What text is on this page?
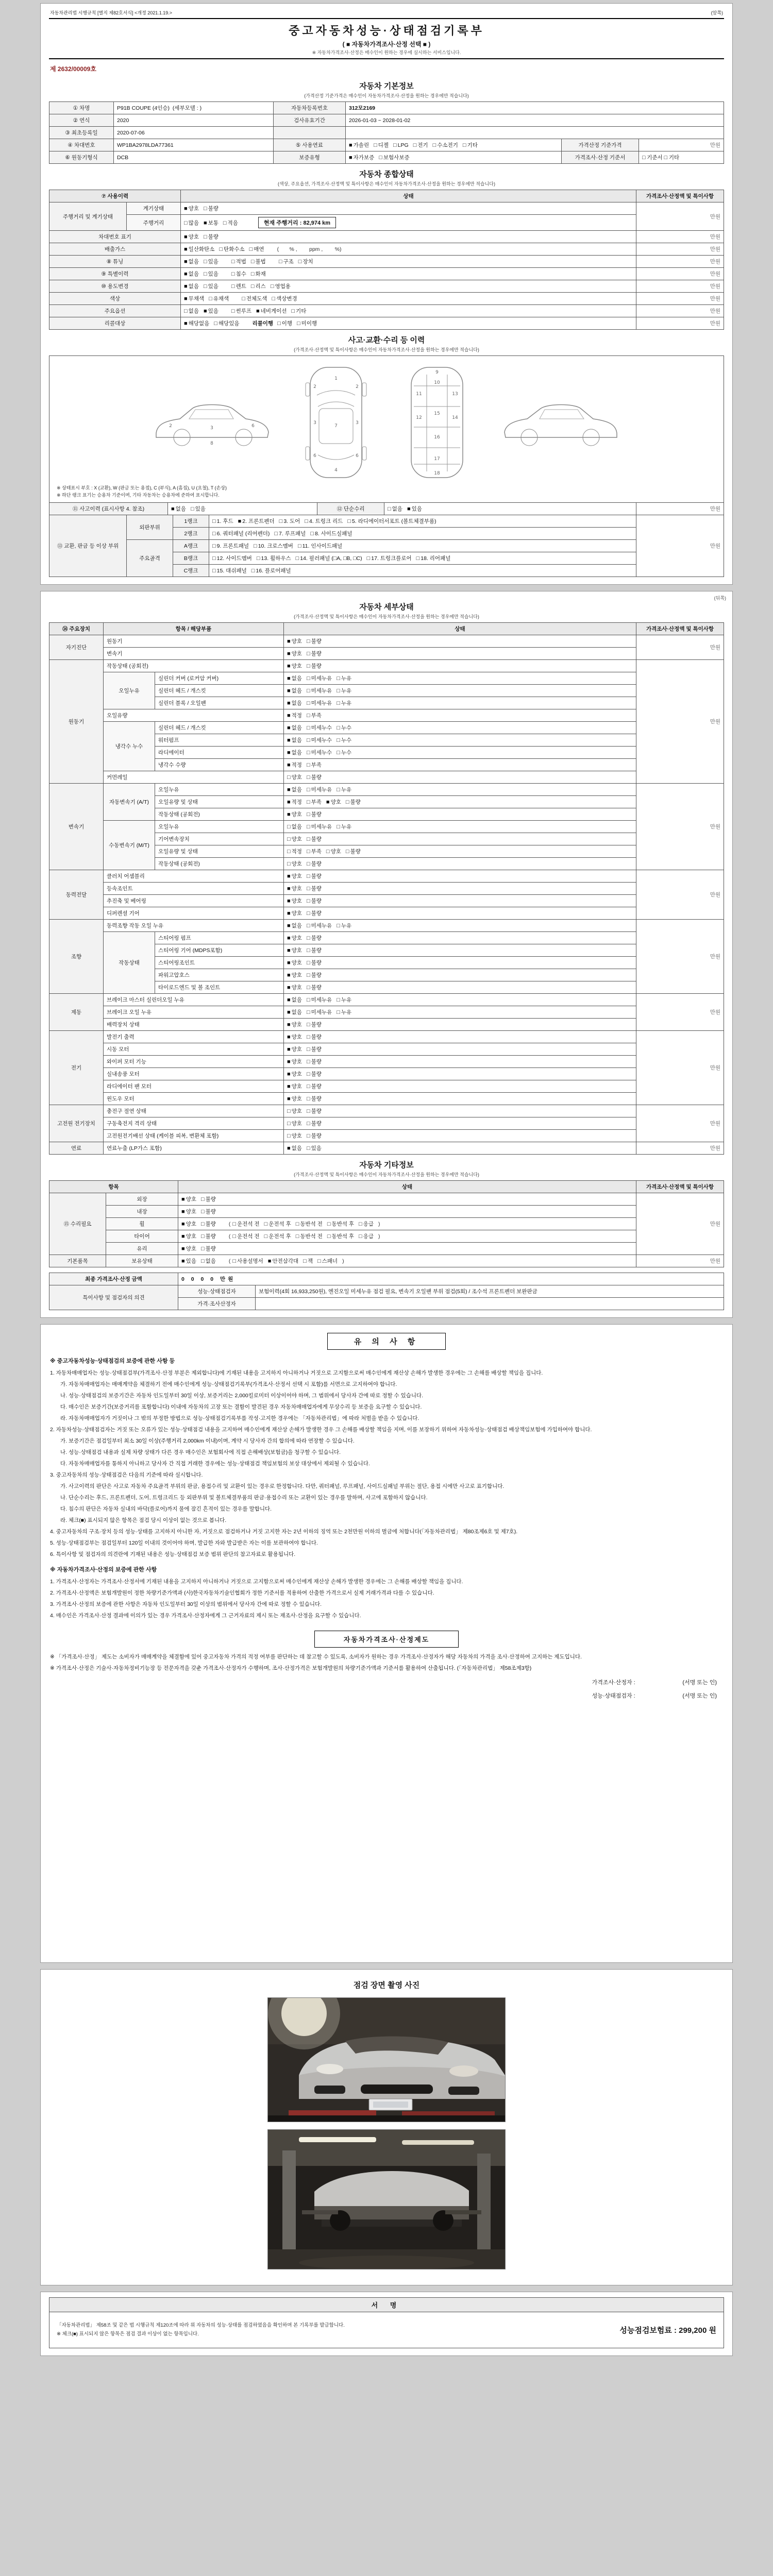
자동차관리법 시행규칙 [별지 제82호서식] <개정 2021.1.19.>	(앞쪽)
중고자동차성능·상태점검기록부
( ■ 자동차가격조사·산정 선택 ■ )
※ 자동차가격조사·산정은 매수인이 원하는 경우에 실시하는 서비스입니다.
제 2632/00009호
자동차 기본정보
(가격산정 기준가격은 매수인이 자동차가격조사·산정을 원하는 경우에만 적습니다)
① 차명	P91B COUPE (4인승)  (세부모델 : )	자동차등록번호	312모2169		
② 연식	2020	검사유효기간	2026-01-03 ~ 2028-01-02		
③ 최초등록일	2020-07-06				
④ 차대번호	WP1BA2978LDA77361	⑤ 사용연료	■ 가솔린 □ 디젤 □ LPG □ 전기 □ 수소전기 □ 기타	가격산정 기준가격	만원
⑥ 원동기형식	DCB	보증유형	■ 자가보증 □ 보험사보증	가격조사·산정 기준서	□ 기준서 □ 기타
자동차 종합상태
(색상, 주요옵션, 가격조사·산정액 및 특이사항은 매수인이 자동차가격조사·산정을 원하는 경우에만 적습니다)
⑦ 사용이력		상태	가격조사·산정액 및 특이사항
주행거리 및 계기상태	계기상태	■ 양호 □ 불량	만원
	주행거리	□ 많음 ■ 보통 □ 적음 현재 주행거리 : 82,974 km	
차대번호 표기		■ 양호 □ 불량	만원
배출가스		■ 일산화탄소 □ 탄화수소 □ 매연 (       % ,        ppm ,        %)	만원
⑧ 튜닝		■ 없음 □ 있음 □ 적법 □ 불법 □ 구조 □ 장치	만원
⑨ 특별이력		■ 없음 □ 있음 □ 침수 □ 화재	만원
⑩ 용도변경		■ 없음 □ 있음 □ 렌트 □ 리스 □ 영업용	만원
색상		■ 무채색 □ 유채색 □ 전체도색 □ 색상변경	만원
주요옵션		□ 없음 ■ 있음 □ 썬루프 ■ 네비게이션 □ 기타	만원
리콜대상		■ 해당없음 □ 해당있음 리콜이행 □ 이행 □ 미이행	만원
사고·교환·수리 등 이력
(가격조사·산정액 및 특이사항은 매수인이 자동차가격조사·산정을 원하는 경우에만 적습니다)
3
2	6
8
1
2	2
3	3
7
6	6
4
9
10
11	13
12	14
15
16
17
18
※ 상태표시 부호 : X (교환), W (판금 또는 용접), C (부식), A (흠집), U (요철), T (손상)
※ 하단 랭크 표기는 승용차 기준이며, 기타 자동차는 승용차에 준하여 표시합니다.
⑪ 사고이력 (표시사항 4. 참조)	■ 없음 □ 있음	⑫ 단순수리	□ 없음 ■ 있음	만원
⑬ 교환, 판금 등 이상 부위	외판부위	1랭크	□ 1. 후드 ■ 2. 프론트펜더 □ 3. 도어 □ 4. 트렁크 리드 □ 5. 라디에이터서포트 (볼트체결부품)	만원
		2랭크	□ 6. 쿼터패널 (리어펜더) □ 7. 루프패널 □ 8. 사이드실패널	
	주요골격	A랭크	□ 9. 프론트패널 □ 10. 크로스멤버 □ 11. 인사이드패널	
		B랭크	□ 12. 사이드멤버 □ 13. 휠하우스 □ 14. 필러패널 (□A, □B, □C) □ 17. 트렁크플로어 □ 18. 리어패널	
		C랭크	□ 15. 대쉬패널 □ 16. 플로어패널	
(뒤쪽)
자동차 세부상태
(가격조사·산정액 및 특이사항은 매수인이 자동차가격조사·산정을 원하는 경우에만 적습니다)
⑭ 주요장치	항목 / 해당부품		상태	가격조사·산정액 및 특이사항
자기진단	원동기		■ 양호 □ 불량	만원
	변속기		■ 양호 □ 불량	
원동기	작동상태 (공회전)		■ 양호 □ 불량	만원
	오일누유	실린더 커버 (로커암 커버)	■ 없음 □ 미세누유 □ 누유	
		실린더 헤드 / 개스킷	■ 없음 □ 미세누유 □ 누유	
		실린더 블록 / 오일팬	■ 없음 □ 미세누유 □ 누유	
	오일유량		■ 적정 □ 부족	
	냉각수 누수	실린더 헤드 / 개스킷	■ 없음 □ 미세누수 □ 누수	
		워터펌프	■ 없음 □ 미세누수 □ 누수	
		라디에이터	■ 없음 □ 미세누수 □ 누수	
		냉각수 수량	■ 적정 □ 부족	
	커먼레일		□ 양호 □ 불량	
변속기	자동변속기 (A/T)	오일누유	■ 없음 □ 미세누유 □ 누유	만원
		오일유량 및 상태	■ 적정 □ 부족 ■ 양호 □ 불량	
		작동상태 (공회전)	■ 양호 □ 불량	
	수동변속기 (M/T)	오일누유	□ 없음 □ 미세누유 □ 누유	
		기어변속장치	□ 양호 □ 불량	
		오일유량 및 상태	□ 적정 □ 부족 □ 양호 □ 불량	
		작동상태 (공회전)	□ 양호 □ 불량	
동력전달	클러치 어셈블리		■ 양호 □ 불량	만원
	등속조인트		■ 양호 □ 불량	
	추진축 및 베어링		■ 양호 □ 불량	
	디퍼렌셜 기어		■ 양호 □ 불량	
조향	동력조향 작동 오일 누유		■ 없음 □ 미세누유 □ 누유	만원
	작동상태	스티어링 펌프	■ 양호 □ 불량	
		스티어링 기어 (MDPS포함)	■ 양호 □ 불량	
		스티어링조인트	■ 양호 □ 불량	
		파워고압호스	■ 양호 □ 불량	
		타이로드엔드 및 볼 조인트	■ 양호 □ 불량	
제동	브레이크 마스터 실린더오일 누유		■ 없음 □ 미세누유 □ 누유	만원
	브레이크 오일 누유		■ 없음 □ 미세누유 □ 누유	
	배력장치 상태		■ 양호 □ 불량	
전기	발전기 출력		■ 양호 □ 불량	만원
	시동 모터		■ 양호 □ 불량	
	와이퍼 모터 기능		■ 양호 □ 불량	
	실내송풍 모터		■ 양호 □ 불량	
	라디에이터 팬 모터		■ 양호 □ 불량	
	윈도우 모터		■ 양호 □ 불량	
고전원 전기장치	충전구 절연 상태		□ 양호 □ 불량	만원
	구동축전지 격리 상태		□ 양호 □ 불량	
	고전원전기배선 상태 (케이블 피복, 변환체 포함)		□ 양호 □ 불량	
연료	연료누출 (LP가스 포함)		■ 없음 □ 있음	만원
자동차 기타정보
(가격조사·산정액 및 특이사항은 매수인이 자동차가격조사·산정을 원하는 경우에만 적습니다)
항목		상태	가격조사·산정액 및 특이사항
⑮ 수리필요	외장	■ 양호 □ 불량	만원
	내장	■ 양호 □ 불량	
	휠	■ 양호 □ 불량 ( □ 운전석 전 □ 운전석 후 □ 동반석 전 □ 동반석 후 □ 응급 )	
	타이어	■ 양호 □ 불량 ( □ 운전석 전 □ 운전석 후 □ 동반석 전 □ 동반석 후 □ 응급 )	
	유리	■ 양호 □ 불량	
기본품목	보유상태	■ 있음 □ 없음 ( □ 사용설명서 ■ 안전삼각대 □ 잭 □ 스패너 )	만원
최종 가격조사·산정 금액	0 0 0 0 만원	
특이사항 및 점검자의 의견	성능·상태점검자	보험이력(4회 16,933,250원), 엔진오일 미세누유 점검 필요, 변속기 오일팬 부위 점검(5회) / 조수석 프론트펜더 보완판금
	가격·조사산정자	
유 의 사 항

※ 중고자동차성능·상태점검의 보증에 관한 사항 등

1. 자동차매매업자는 성능·상태점검부(가격조사·산정 부분은 제외합니다)에 기재된 내용을 고지하지 아니하거나 거짓으로 고지함으로써 매수인에게 재산상 손해가 발생한 경우에는 그 손해를 배상할 책임을 집니다.

가. 자동차매매업자는 매매계약을 체결하기 전에 매수인에게 성능·상태점검기록부(가격조사·산정서 선택 시 포함)를 서면으로 고지하여야 합니다.

나. 성능·상태점검의 보증기간은 자동차 인도일부터 30일 이상, 보증거리는 2,000킬로미터 이상이어야 하며, 그 범위에서 당사자 간에 따로 정할 수 있습니다.

다. 매수인은 보증기간(보증거리를 포함합니다) 이내에 자동차의 고장 또는 결함이 발견된 경우 자동차매매업자에게 무상수리 등 보증을 요구할 수 있습니다.

라. 자동차매매업자가 거짓이나 그 밖의 부정한 방법으로 성능·상태점검기록부를 작성·고지한 경우에는 「자동차관리법」에 따라 처벌을 받을 수 있습니다.

2. 자동차성능·상태점검자는 거짓 또는 오류가 있는 성능·상태점검 내용을 고지하여 매수인에게 재산상 손해가 발생한 경우 그 손해를 배상할 책임을 지며, 이를 보장하기 위하여 자동차성능·상태점검 배상책임보험에 가입하여야 합니다.

가. 보증기간은 점검일부터 최소 30일 이상(주행거리 2,000km 이내)이며, 계약 시 당사자 간의 합의에 따라 연장할 수 있습니다.

나. 성능·상태점검 내용과 실제 차량 상태가 다른 경우 매수인은 보험회사에 직접 손해배상(보험금)을 청구할 수 있습니다.

다. 자동차매매업자를 통하지 아니하고 당사자 간 직접 거래한 경우에는 성능·상태점검 책임보험의 보상 대상에서 제외될 수 있습니다.

3. 중고자동차의 성능·상태점검은 다음의 기준에 따라 실시합니다.

가. 사고이력의 판단은 사고로 자동차 주요골격 부위의 판금, 용접수리 및 교환이 있는 경우로 한정합니다. 다만, 쿼터패널, 루프패널, 사이드실패널 부위는 절단, 용접 시에만 사고로 표기합니다.

나. 단순수리는 후드, 프론트펜더, 도어, 트렁크리드 등 외판부위 및 볼트체결부품의 판금·용접수리 또는 교환이 있는 경우를 말하며, 사고에 포함하지 않습니다.

다. 침수의 판단은 자동차 실내의 바닥(플로어)까지 물에 잠긴 흔적이 있는 경우를 말합니다.

라. 체크(■) 표시되지 않은 항목은 점검 당시 이상이 없는 것으로 봅니다.

4. 중고자동차의 구조·장치 등의 성능·상태를 고지하지 아니한 자, 거짓으로 점검하거나 거짓 고지한 자는 2년 이하의 징역 또는 2천만원 이하의 벌금에 처합니다(「자동차관리법」 제80조제6호 및 제7호).

5. 성능·상태점검부는 점검일부터 120일 이내의 것이어야 하며, 발급한 자와 발급받은 자는 이를 보관하여야 합니다.

6. 특이사항 및 점검자의 의견란에 기재된 내용은 성능·상태점검 보증 범위 판단의 참고자료로 활용됩니다.

※ 자동차가격조사·산정의 보증에 관한 사항

1. 가격조사·산정자는 가격조사·산정서에 기재된 내용을 고지하지 아니하거나 거짓으로 고지함으로써 매수인에게 재산상 손해가 발생한 경우에는 그 손해를 배상할 책임을 집니다.

2. 가격조사·산정액은 보험개발원이 정한 차량기준가액과 (사)한국자동차기술인협회가 정한 기준서를 적용하여 산출한 가격으로서 실제 거래가격과 다를 수 있습니다.

3. 가격조사·산정의 보증에 관한 사항은 자동차 인도일부터 30일 이상의 범위에서 당사자 간에 따로 정할 수 있습니다.

4. 매수인은 가격조사·산정 결과에 이의가 있는 경우 가격조사·산정자에게 그 근거자료의 제시 또는 재조사·산정을 요구할 수 있습니다.

자동차가격조사·산정제도

※ 「가격조사·산정」 제도는 소비자가 매매계약을 체결함에 있어 중고자동차 가격의 적정 여부를 판단하는 데 참고할 수 있도록, 소비자가 원하는 경우 가격조사·산정자가 해당 자동차의 가격을 조사·산정하여 고지하는 제도입니다.

※ 가격조사·산정은 기술사·자동차정비기능장 등 전문자격을 갖춘 가격조사·산정자가 수행하며, 조사·산정가격은 보험개발원의 차량기준가액과 기준서를 활용하여 산출됩니다. (「자동차관리법」 제58조제3항)

가격조사·산정자 :                              (서명 또는 인)
성능·상태점검자 :                              (서명 또는 인)
점검 장면 촬영 사진
서 명
「자동차관리법」 제58조 및 같은 법 시행규칙 제120조에 따라 위 자동차의 성능·상태를 점검하였음을 확인하며 본 기록부를 발급합니다.
※ 체크(■) 표시되지 않은 항목은 점검 결과 이상이 없는 항목입니다.	성능점검보험료 : 299,200 원
